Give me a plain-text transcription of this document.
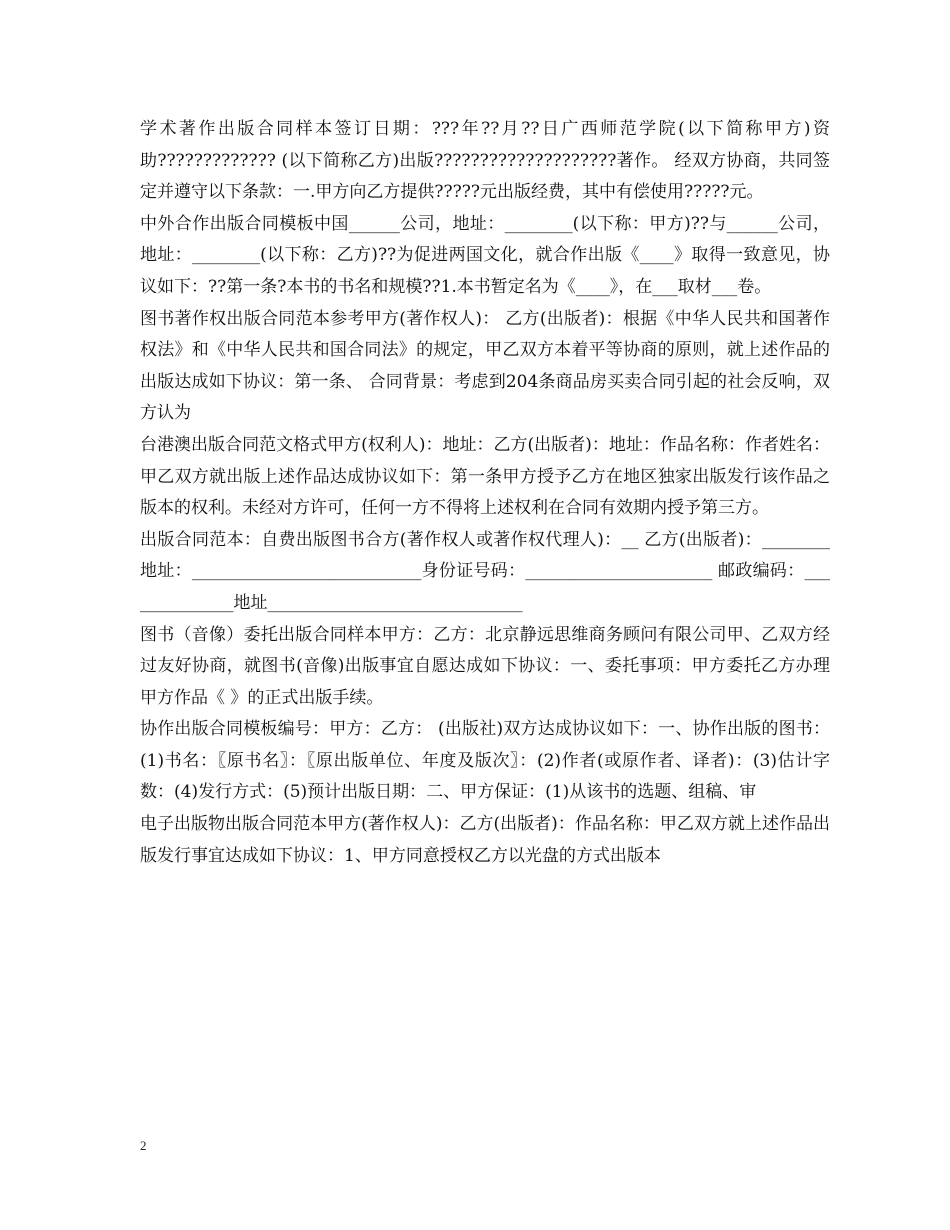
学术著作出版合同样本签订日期：???年??月??日广西师范学院(以下简称甲方)资助????????????? (以下简称乙方)出版????????????????????著作。 经双方协商，共同签定并遵守以下条款：一.甲方向乙方提供?????元出版经费，其中有偿使用?????元。

中外合作出版合同模板中国______公司，地址：________(以下称：甲方)??与______公司，地址：________(以下称：乙方)??为促进两国文化，就合作出版《____》取得一致意见，协议如下：??第一条?本书的书名和规模??1.本书暂定名为《____》，在___取材___卷。

图书著作权出版合同范本参考甲方(著作权人)： 乙方(出版者)：根据《中华人民共和国著作权法》和《中华人民共和国合同法》的规定，甲乙双方本着平等协商的原则，就上述作品的出版达成如下协议：第一条、 合同背景：考虑到204条商品房买卖合同引起的社会反响，双方认为

台港澳出版合同范文格式甲方(权利人)：地址：乙方(出版者)：地址：作品名称：作者姓名：甲乙双方就出版上述作品达成协议如下：第一条甲方授予乙方在地区独家出版发行该作品之版本的权利。未经对方许可，任何一方不得将上述权利在合同有效期内授予第三方。

出版合同范本：自费出版图书合方(著作权人或著作权代理人)：__ 乙方(出版者)：________地址：___________________________身份证号码：______________________ 邮政编码：______________地址______________________________

图书（音像）委托出版合同样本甲方：乙方：北京静远思维商务顾问有限公司甲、乙双方经过友好协商，就图书(音像)出版事宜自愿达成如下协议：一、委托事项：甲方委托乙方办理甲方作品《 》的正式出版手续。

协作出版合同模板编号：甲方：乙方： (出版社)双方达成协议如下：一、协作出版的图书：(1)书名：〖原书名〗：〖原出版单位、年度及版次〗：(2)作者(或原作者、译者)：(3)估计字数：(4)发行方式：(5)预计出版日期：二、甲方保证：(1)从该书的选题、组稿、审

电子出版物出版合同范本甲方(著作权人)：乙方(出版者)：作品名称：甲乙双方就上述作品出版发行事宜达成如下协议：1、甲方同意授权乙方以光盘的方式出版本

2
